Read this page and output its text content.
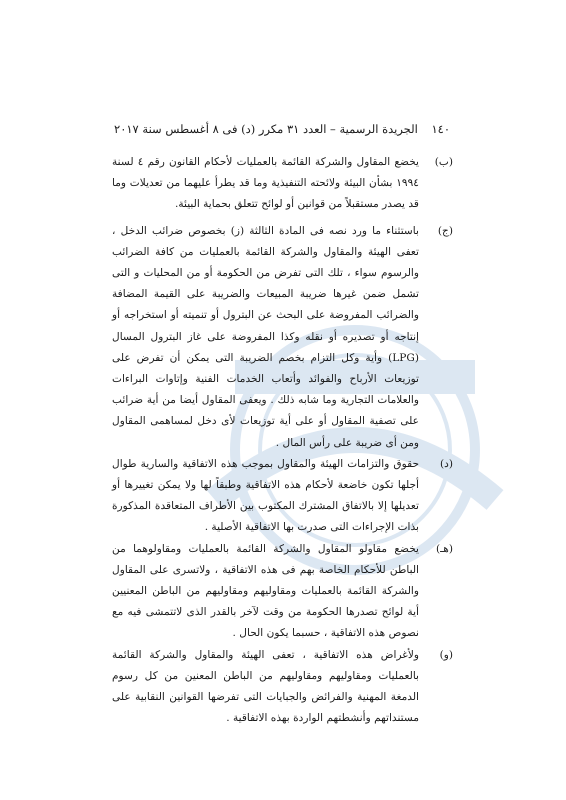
١٤٠ الجريدة الرسمية – العدد ٣١ مكرر (د) فى ٨ أغسطس سنة ٢٠١٧

(ب)
يخضع المقاول والشركة القائمة بالعمليات لأحكام القانون رقم ٤ لسنة ١٩٩٤ بشأن البيئة ولائحته التنفيذية وما قد يطرأ عليهما من تعديلات وما قد يصدر مستقبلاً من قوانين أو لوائح تتعلق بحماية البيئة.

(ج)
باستثناء ما ورد نصه فى المادة الثالثة (ز) بخصوص ضرائب الدخل ، تعفى الهيئة والمقاول والشركة القائمة بالعمليات من كافة الضرائب والرسوم سواء ، تلك التى تفرض من الحكومة أو من المحليات و التى تشمل ضمن غيرها ضريبة المبيعات والضريبة على القيمة المضافة والضرائب المفروضة على البحث عن البترول أو تنميته أو استخراجه أو إنتاجه أو تصديره أو نقله وكذا المفروضة على غاز البترول المسال (LPG) وأية وكل التزام بخصم الضريبة التى يمكن أن تفرض على توزيعات الأرباح والفوائد وأتعاب الخدمات الفنية وإتاوات البراءات والعلامات التجارية وما شابه ذلك . ويعفى المقاول أيضا من أية ضرائب على تصفية المقاول أو على أية توزيعات لأى دخل لمساهمى المقاول ومن أى ضريبة على رأس المال .

(د)
حقوق والتزامات الهيئة والمقاول بموجب هذه الاتفاقية والسارية طوال أجلها تكون خاضعة لأحكام هذه الاتفاقية وطبقاً لها ولا يمكن تغييرها أو تعديلها إلا بالاتفاق المشترك المكتوب بين الأطراف المتعاقدة المذكورة بذات الإجراءات التى صدرت بها الاتفاقية الأصلية .

(هـ)
يخضع مقاولو المقاول والشركة القائمة بالعمليات ومقاولوهما من الباطن للأحكام الخاصة بهم فى هذه الاتفاقية ، ولاتسرى على المقاول والشركة القائمة بالعمليات ومقاوليهم ومقاوليهم من الباطن المعنيين أية لوائح تصدرها الحكومة من وقت لآخر بالقدر الذى لاتتمشى فيه مع نصوص هذه الاتفاقية ، حسبما يكون الحال .

(و)
ولأغراض هذه الاتفاقية ، تعفى الهيئة والمقاول والشركة القائمة بالعمليات ومقاوليهم ومقاوليهم من الباطن المعنين من كل رسوم الدمغة المهنية والفرائض والجبايات التى تفرضها القوانين النقابية على مستنداتهم وأنشطتهم الواردة بهذه الاتفاقية .
